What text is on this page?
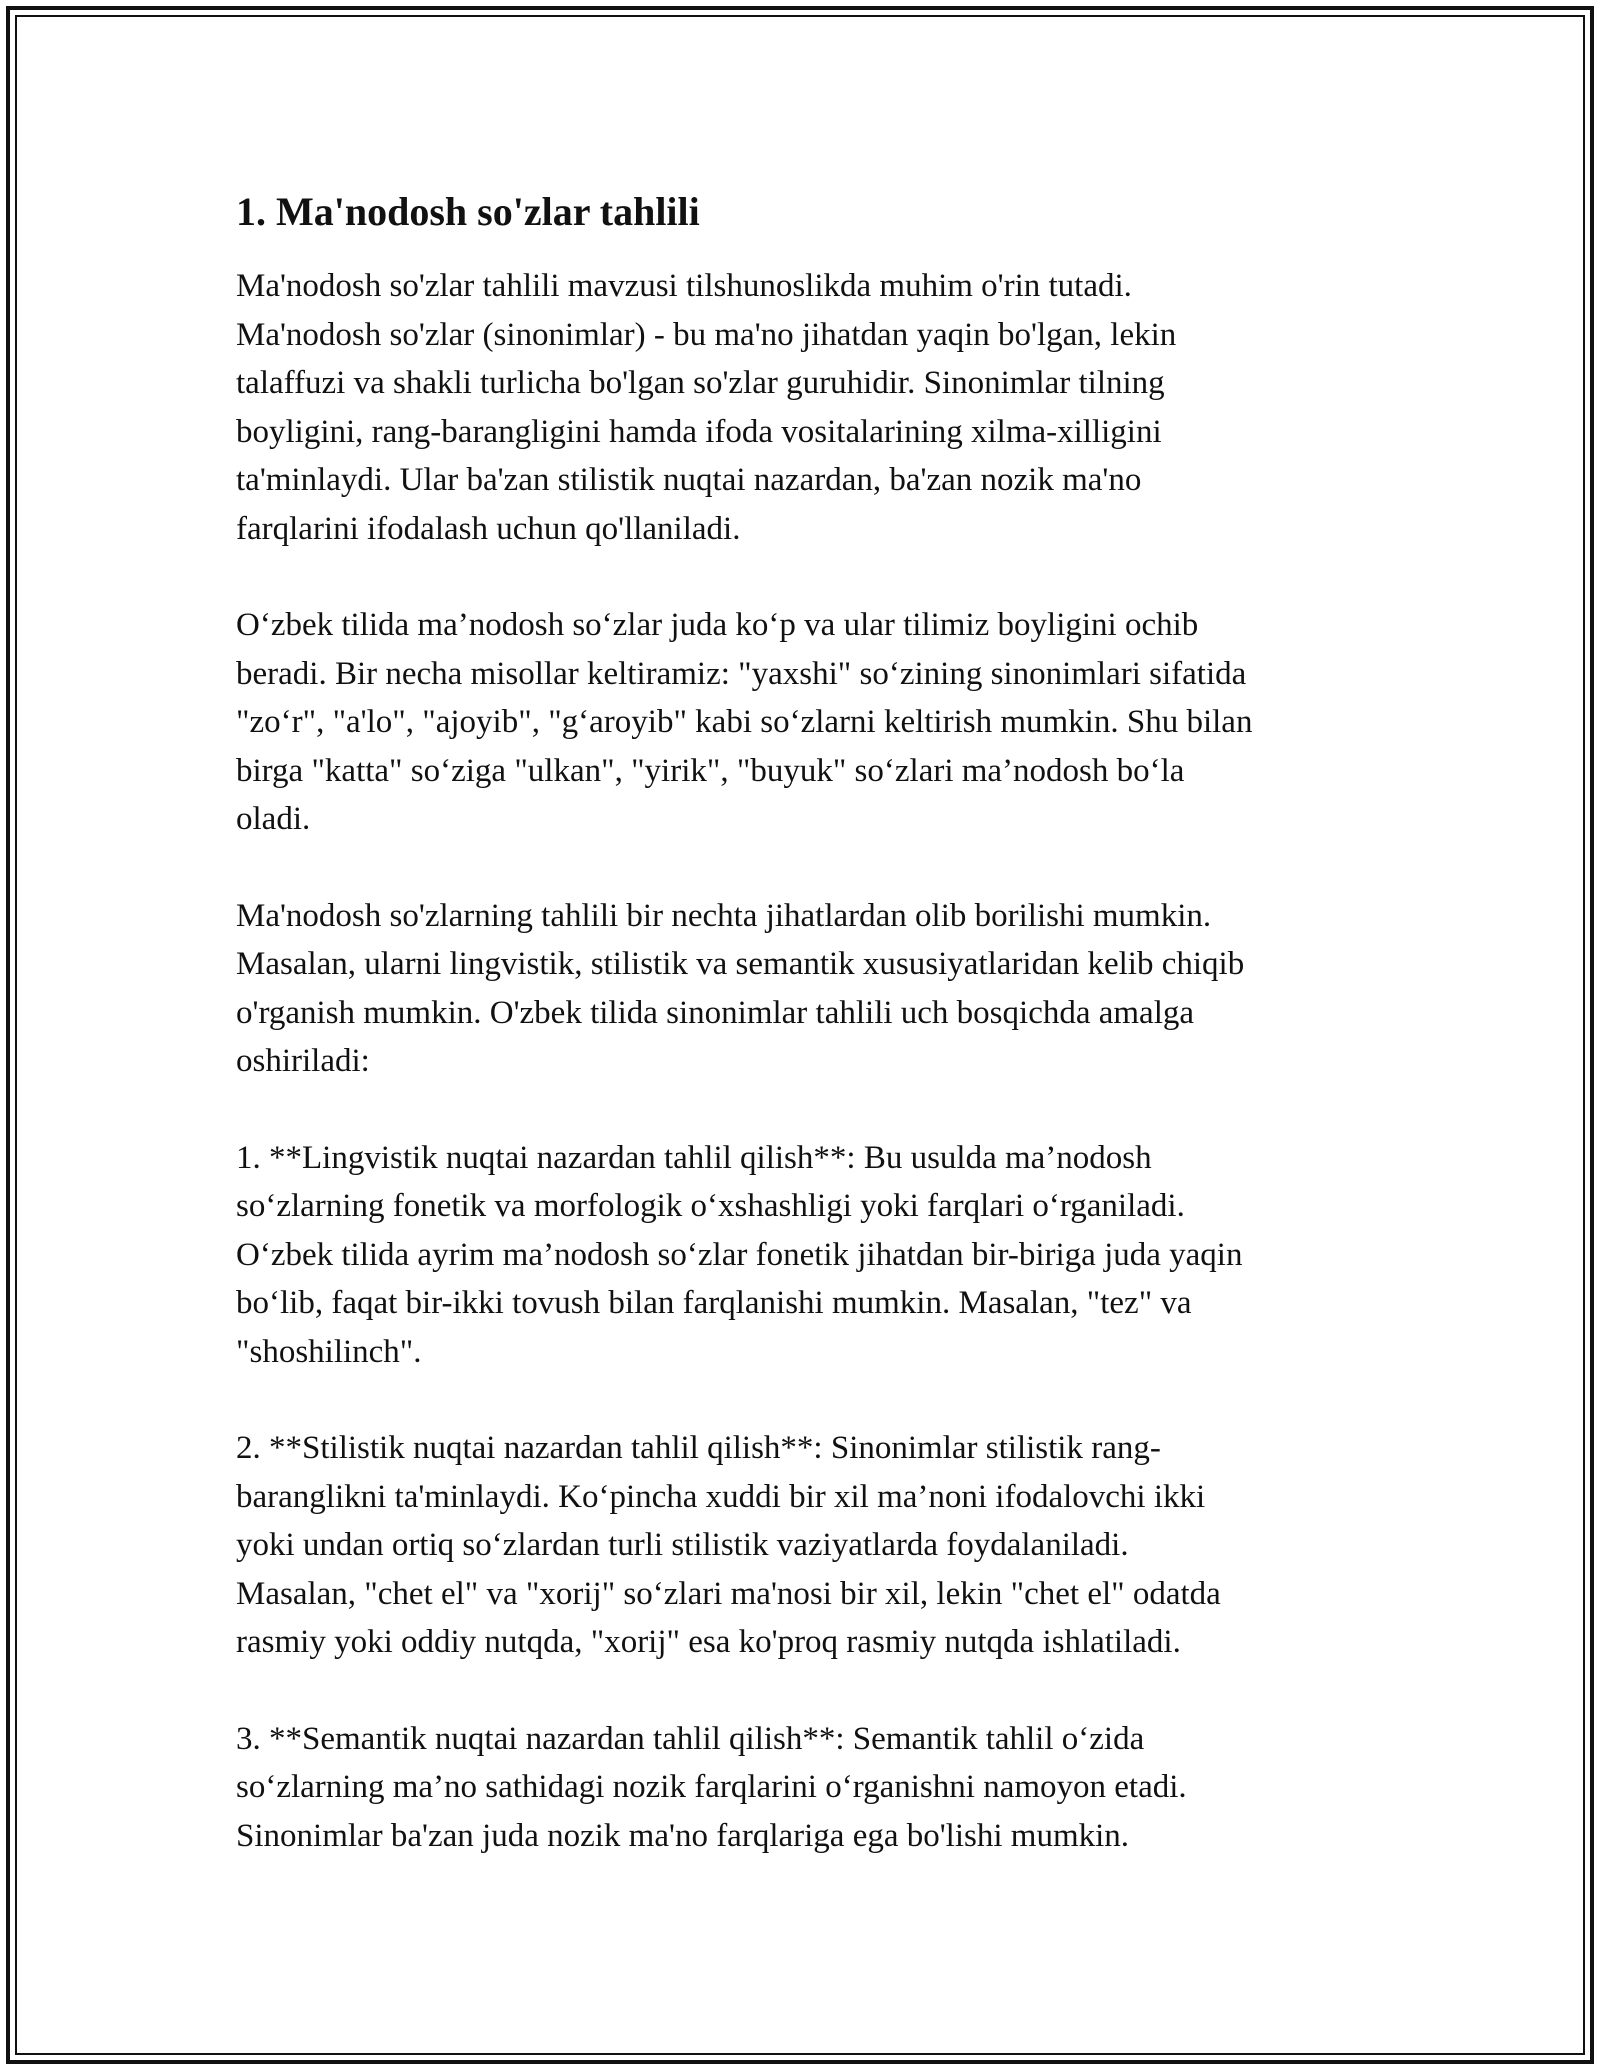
1. Ma'nodosh so'zlar tahlili

Ma'nodosh so'zlar tahlili mavzusi tilshunoslikda muhim o'rin tutadi.
Ma'nodosh so'zlar (sinonimlar) - bu ma'no jihatdan yaqin bo'lgan, lekin
talaffuzi va shakli turlicha bo'lgan so'zlar guruhidir. Sinonimlar tilning
boyligini, rang-barangligini hamda ifoda vositalarining xilma-xilligini
ta'minlaydi. Ular ba'zan stilistik nuqtai nazardan, ba'zan nozik ma'no
farqlarini ifodalash uchun qo'llaniladi.

O‘zbek tilida ma’nodosh so‘zlar juda ko‘p va ular tilimiz boyligini ochib
beradi. Bir necha misollar keltiramiz: "yaxshi" so‘zining sinonimlari sifatida
"zo‘r", "a'lo", "ajoyib", "g‘aroyib" kabi so‘zlarni keltirish mumkin. Shu bilan
birga "katta" so‘ziga "ulkan", "yirik", "buyuk" so‘zlari ma’nodosh bo‘la
oladi.

Ma'nodosh so'zlarning tahlili bir nechta jihatlardan olib borilishi mumkin.
Masalan, ularni lingvistik, stilistik va semantik xususiyatlaridan kelib chiqib
o'rganish mumkin. O'zbek tilida sinonimlar tahlili uch bosqichda amalga
oshiriladi:

1. **Lingvistik nuqtai nazardan tahlil qilish**: Bu usulda ma’nodosh
so‘zlarning fonetik va morfologik o‘xshashligi yoki farqlari o‘rganiladi.
O‘zbek tilida ayrim ma’nodosh so‘zlar fonetik jihatdan bir-biriga juda yaqin
bo‘lib, faqat bir-ikki tovush bilan farqlanishi mumkin. Masalan, "tez" va
"shoshilinch".

2. **Stilistik nuqtai nazardan tahlil qilish**: Sinonimlar stilistik rang-
baranglikni ta'minlaydi. Ko‘pincha xuddi bir xil ma’noni ifodalovchi ikki
yoki undan ortiq so‘zlardan turli stilistik vaziyatlarda foydalaniladi.
Masalan, "chet el" va "xorij" so‘zlari ma'nosi bir xil, lekin "chet el" odatda
rasmiy yoki oddiy nutqda, "xorij" esa ko'proq rasmiy nutqda ishlatiladi.

3. **Semantik nuqtai nazardan tahlil qilish**: Semantik tahlil o‘zida
so‘zlarning ma’no sathidagi nozik farqlarini o‘rganishni namoyon etadi.
Sinonimlar ba'zan juda nozik ma'no farqlariga ega bo'lishi mumkin.
